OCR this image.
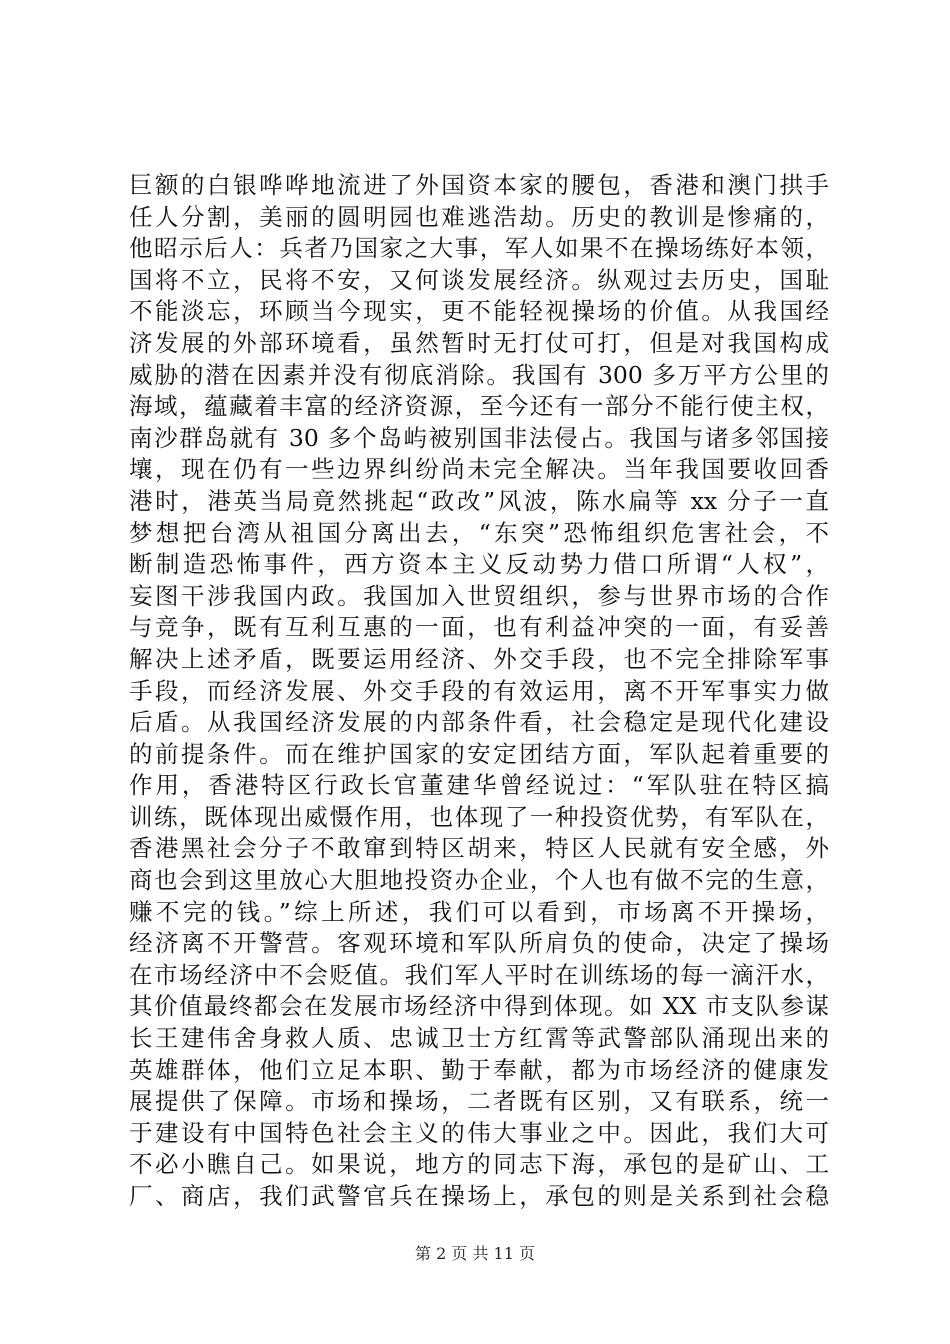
巨额的白银哗哗地流进了外国资本家的腰包，香港和澳门拱手
任人分割，美丽的圆明园也难逃浩劫。历史的教训是惨痛的，
他昭示后人：兵者乃国家之大事，军人如果不在操场练好本领，
国将不立，民将不安，又何谈发展经济。纵观过去历史，国耻
不能淡忘，环顾当今现实，更不能轻视操场的价值。从我国经
济发展的外部环境看，虽然暂时无打仗可打，但是对我国构成
威胁的潜在因素并没有彻底消除。我国有 300 多万平方公里的
海域，蕴藏着丰富的经济资源，至今还有一部分不能行使主权，
南沙群岛就有 30 多个岛屿被别国非法侵占。我国与诸多邻国接
壤，现在仍有一些边界纠纷尚未完全解决。当年我国要收回香
港时，港英当局竟然挑起“政改”风波，陈水扁等 xx 分子一直
梦想把台湾从祖国分离出去，“东突”恐怖组织危害社会，不
断制造恐怖事件，西方资本主义反动势力借口所谓“人权”，
妄图干涉我国内政。我国加入世贸组织，参与世界市场的合作
与竞争，既有互利互惠的一面，也有利益冲突的一面，有妥善
解决上述矛盾，既要运用经济、外交手段，也不完全排除军事
手段，而经济发展、外交手段的有效运用，离不开军事实力做
后盾。从我国经济发展的内部条件看，社会稳定是现代化建设
的前提条件。而在维护国家的安定团结方面，军队起着重要的
作用，香港特区行政长官董建华曾经说过：“军队驻在特区搞
训练，既体现出威慑作用，也体现了一种投资优势，有军队在，
香港黑社会分子不敢窜到特区胡来，特区人民就有安全感，外
商也会到这里放心大胆地投资办企业，个人也有做不完的生意，
赚不完的钱。”综上所述，我们可以看到，市场离不开操场，
经济离不开警营。客观环境和军队所肩负的使命，决定了操场
在市场经济中不会贬值。我们军人平时在训练场的每一滴汗水，
其价值最终都会在发展市场经济中得到体现。如 XX 市支队参谋
长王建伟舍身救人质、忠诚卫士方红霄等武警部队涌现出来的
英雄群体，他们立足本职、勤于奉献，都为市场经济的健康发
展提供了保障。市场和操场，二者既有区别，又有联系，统一
于建设有中国特色社会主义的伟大事业之中。因此，我们大可
不必小瞧自己。如果说，地方的同志下海，承包的是矿山、工
厂、商店，我们武警官兵在操场上，承包的则是关系到社会稳
第 2 页 共 11 页
